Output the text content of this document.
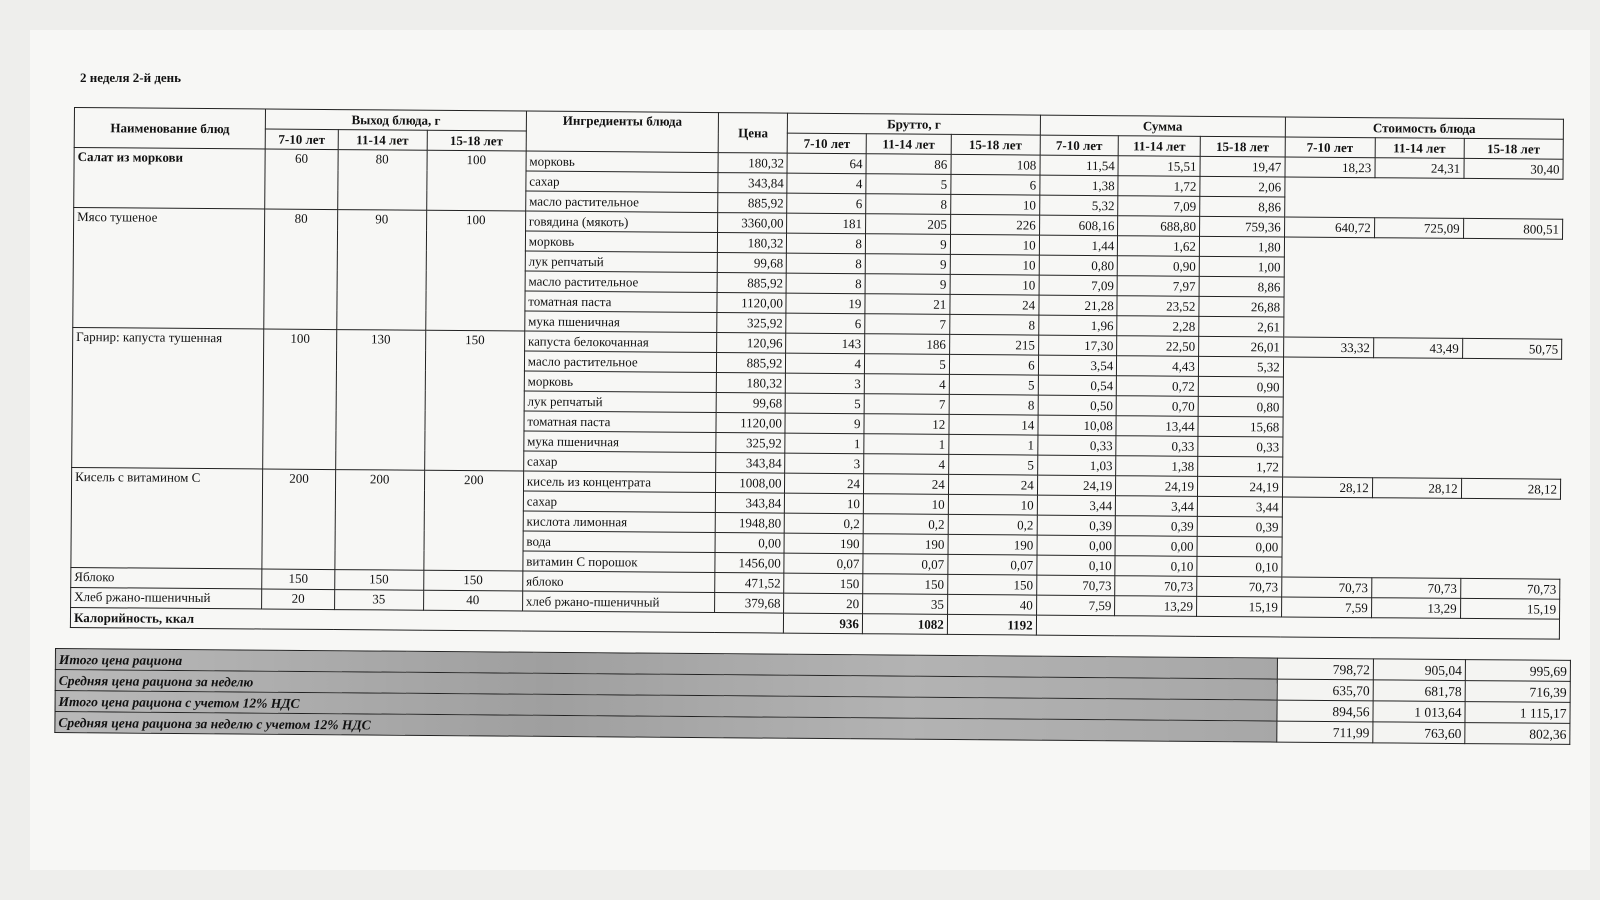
2 неделя 2-й день
Наименование блюд	Выход блюда, г			Ингредиенты блюда	Цена	Брутто, г			Сумма			Стоимость блюда		
	7-10 лет	11-14 лет	15-18 лет			7-10 лет	11-14 лет	15-18 лет	7-10 лет	11-14 лет	15-18 лет	7-10 лет	11-14 лет	15-18 лет
Салат из моркови	60	80	100	морковь	180,32	64	86	108	11,54	15,51	19,47	18,23	24,31	30,40
				сахар	343,84	4	5	6	1,38	1,72	2,06			
				масло растительное	885,92	6	8	10	5,32	7,09	8,86			
Мясо тушеное	80	90	100	говядина (мякоть)	3360,00	181	205	226	608,16	688,80	759,36	640,72	725,09	800,51
				морковь	180,32	8	9	10	1,44	1,62	1,80			
				лук репчатый	99,68	8	9	10	0,80	0,90	1,00			
				масло растительное	885,92	8	9	10	7,09	7,97	8,86			
				томатная паста	1120,00	19	21	24	21,28	23,52	26,88			
				мука пшеничная	325,92	6	7	8	1,96	2,28	2,61			
Гарнир: капуста тушенная	100	130	150	капуста белокочанная	120,96	143	186	215	17,30	22,50	26,01	33,32	43,49	50,75
				масло растительное	885,92	4	5	6	3,54	4,43	5,32			
				морковь	180,32	3	4	5	0,54	0,72	0,90			
				лук репчатый	99,68	5	7	8	0,50	0,70	0,80			
				томатная паста	1120,00	9	12	14	10,08	13,44	15,68			
				мука пшеничная	325,92	1	1	1	0,33	0,33	0,33			
				сахар	343,84	3	4	5	1,03	1,38	1,72			
Кисель с витамином С	200	200	200	кисель из концентрата	1008,00	24	24	24	24,19	24,19	24,19	28,12	28,12	28,12
				сахар	343,84	10	10	10	3,44	3,44	3,44			
				кислота лимонная	1948,80	0,2	0,2	0,2	0,39	0,39	0,39			
				вода	0,00	190	190	190	0,00	0,00	0,00			
				витамин С порошок	1456,00	0,07	0,07	0,07	0,10	0,10	0,10			
Яблоко	150	150	150	яблоко	471,52	150	150	150	70,73	70,73	70,73	70,73	70,73	70,73
Хлеб ржано-пшеничный	20	35	40	хлеб ржано-пшеничный	379,68	20	35	40	7,59	13,29	15,19	7,59	13,29	15,19
Калорийность, ккал						936	1082	1192						
Итого цена рациона	798,72	905,04	995,69
Средняя цена рациона за неделю	635,70	681,78	716,39
Итого цена рациона с учетом 12% НДС	894,56	1 013,64	1 115,17
Средняя цена рациона за неделю с учетом 12% НДС	711,99	763,60	802,36
